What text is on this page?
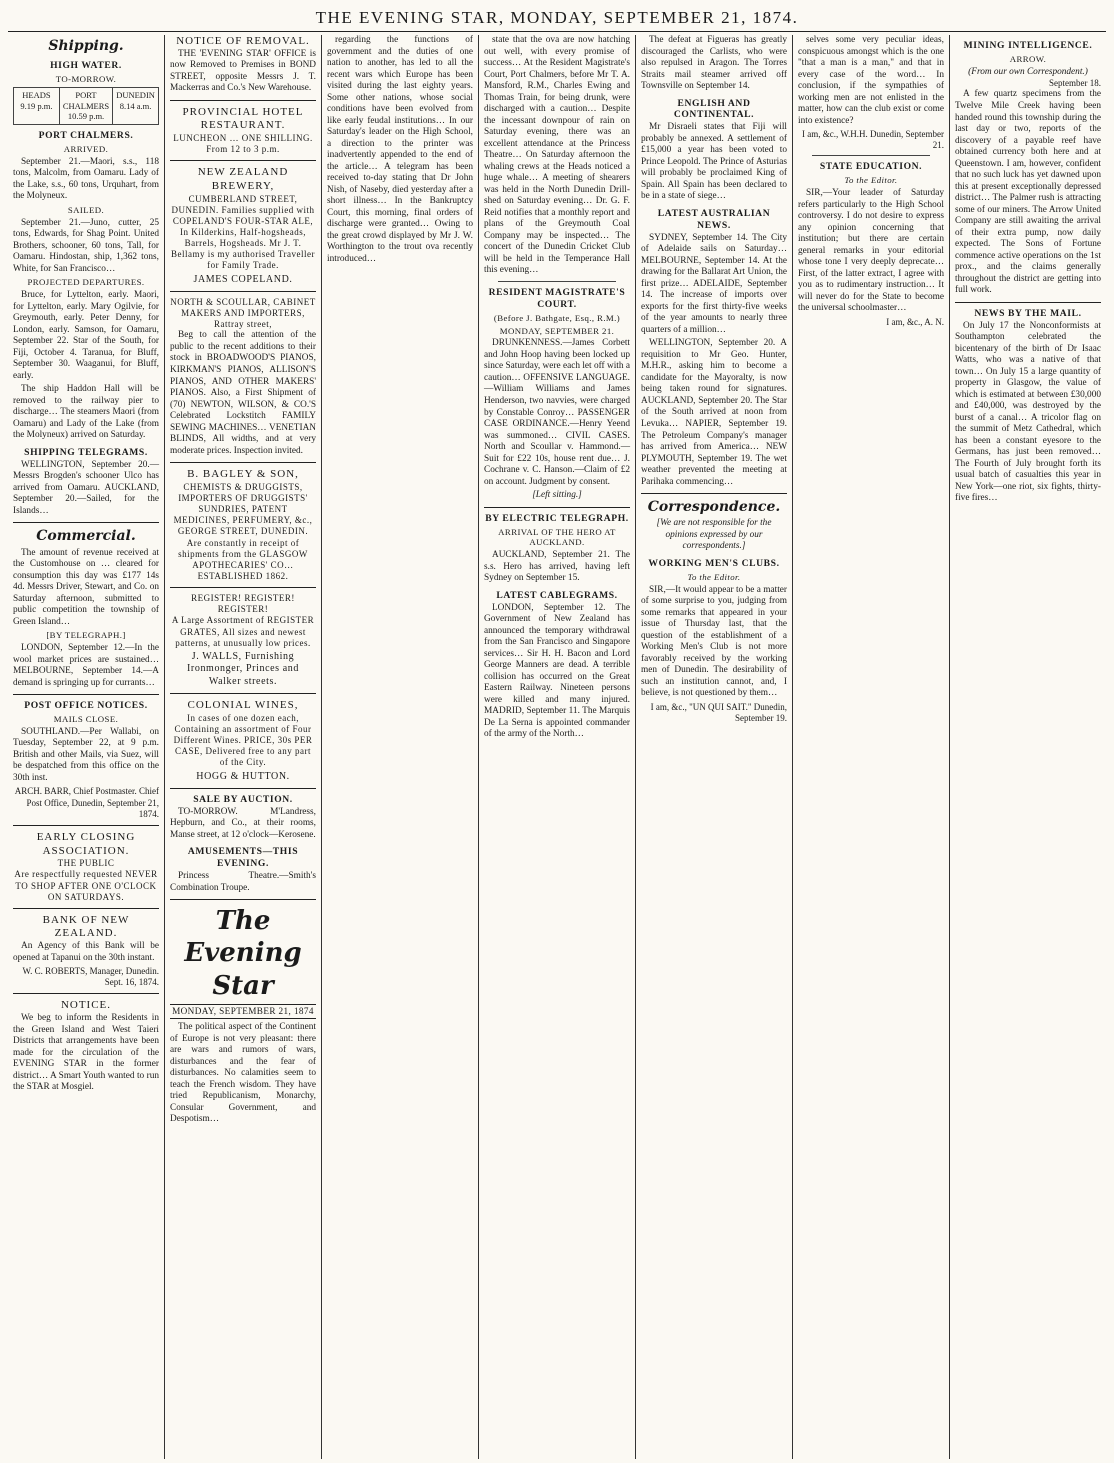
THE EVENING STAR, MONDAY, SEPTEMBER 21, 1874.
Shipping.
HIGH WATER.
TO-MORROW.
HEADS 9.19 p.m.
PORT CHALMERS 10.59 p.m.
DUNEDIN 8.14 a.m.
PORT CHALMERS.
ARRIVED.

September 21.—Maori, s.s., 118 tons, Malcolm, from Oamaru. Lady of the Lake, s.s., 60 tons, Urquhart, from the Molyneux.

SAILED.

September 21.—Juno, cutter, 25 tons, Edwards, for Shag Point. United Brothers, schooner, 60 tons, Tall, for Oamaru. Hindostan, ship, 1,362 tons, White, for San Francisco…

PROJECTED DEPARTURES.

Bruce, for Lyttelton, early. Maori, for Lyttelton, early. Mary Ogilvie, for Greymouth, early. Peter Denny, for London, early. Samson, for Oamaru, September 22. Star of the South, for Fiji, October 4. Taranua, for Bluff, September 30. Waaganui, for Bluff, early.

The ship Haddon Hall will be removed to the railway pier to discharge… The steamers Maori (from Oamaru) and Lady of the Lake (from the Molyneux) arrived on Saturday.

SHIPPING TELEGRAMS.

WELLINGTON, September 20.—Messrs Brogden's schooner Ulco has arrived from Oamaru. AUCKLAND, September 20.—Sailed, for the Islands…

Commercial.

The amount of revenue received at the Customhouse on … cleared for consumption this day was £177 14s 4d. Messrs Driver, Stewart, and Co. on Saturday afternoon, submitted to public competition the township of Green Island…

[BY TELEGRAPH.]

LONDON, September 12.—In the wool market prices are sustained… MELBOURNE, September 14.—A demand is springing up for currants…

POST OFFICE NOTICES.
MAILS CLOSE.

SOUTHLAND.—Per Wallabi, on Tuesday, September 22, at 9 p.m. British and other Mails, via Suez, will be despatched from this office on the 30th inst.

ARCH. BARR, Chief Postmaster. Chief Post Office, Dunedin, September 21, 1874.
EARLY CLOSING ASSOCIATION.
THE PUBLIC
Are respectfully requested NEVER TO SHOP AFTER ONE O'CLOCK ON SATURDAYS.
BANK OF NEW ZEALAND.

An Agency of this Bank will be opened at Tapanui on the 30th instant.

W. C. ROBERTS, Manager, Dunedin. Sept. 16, 1874.
NOTICE.

We beg to inform the Residents in the Green Island and West Taieri Districts that arrangements have been made for the circulation of the EVENING STAR in the former district… A Smart Youth wanted to run the STAR at Mosgiel.

NOTICE OF REMOVAL.

THE 'EVENING STAR' OFFICE is now Removed to Premises in BOND STREET, opposite Messrs J. T. Mackerras and Co.'s New Warehouse.

PROVINCIAL HOTEL RESTAURANT.
LUNCHEON … ONE SHILLING. From 12 to 3 p.m.
NEW ZEALAND BREWERY,
CUMBERLAND STREET, DUNEDIN. Families supplied with COPELAND'S FOUR-STAR ALE, In Kilderkins, Half-hogsheads, Barrels, Hogsheads. Mr J. T. Bellamy is my authorised Traveller for Family Trade.
JAMES COPELAND.
NORTH & SCOULLAR, CABINET MAKERS AND IMPORTERS, Rattray street,

Beg to call the attention of the public to the recent additions to their stock in BROADWOOD'S PIANOS, KIRKMAN'S PIANOS, ALLISON'S PIANOS, AND OTHER MAKERS' PIANOS. Also, a First Shipment of (70) NEWTON, WILSON, & CO.'S Celebrated Lockstitch FAMILY SEWING MACHINES… VENETIAN BLINDS, All widths, and at very moderate prices. Inspection invited.

B. BAGLEY & SON,
CHEMISTS & DRUGGISTS, IMPORTERS OF DRUGGISTS' SUNDRIES, PATENT MEDICINES, PERFUMERY, &c., GEORGE STREET, DUNEDIN. Are constantly in receipt of shipments from the GLASGOW APOTHECARIES' CO… ESTABLISHED 1862.
REGISTER! REGISTER! REGISTER!
A Large Assortment of REGISTER GRATES, All sizes and newest patterns, at unusually low prices.
J. WALLS, Furnishing Ironmonger, Princes and Walker streets.
COLONIAL WINES,
In cases of one dozen each, Containing an assortment of Four Different Wines. PRICE, 30s PER CASE, Delivered free to any part of the City.
HOGG & HUTTON.
SALE BY AUCTION.

TO-MORROW. M'Landress, Hepburn, and Co., at their rooms, Manse street, at 12 o'clock—Kerosene.

AMUSEMENTS—THIS EVENING.

Princess Theatre.—Smith's Combination Troupe.

The Evening Star
MONDAY, SEPTEMBER 21, 1874

The political aspect of the Continent of Europe is not very pleasant: there are wars and rumors of wars, disturbances and the fear of disturbances. No calamities seem to teach the French wisdom. They have tried Republicanism, Monarchy, Consular Government, and Despotism…

regarding the functions of government and the duties of one nation to another, has led to all the recent wars which Europe has been visited during the last eighty years. Some other nations, whose social conditions have been evolved from like early feudal institutions… In our Saturday's leader on the High School, a direction to the printer was inadvertently appended to the end of the article… A telegram has been received to-day stating that Dr John Nish, of Naseby, died yesterday after a short illness… In the Bankruptcy Court, this morning, final orders of discharge were granted… Owing to the great crowd displayed by Mr J. W. Worthington to the trout ova recently introduced…

state that the ova are now hatching out well, with every promise of success… At the Resident Magistrate's Court, Port Chalmers, before Mr T. A. Mansford, R.M., Charles Ewing and Thomas Train, for being drunk, were discharged with a caution… Despite the incessant downpour of rain on Saturday evening, there was an excellent attendance at the Princess Theatre… On Saturday afternoon the whaling crews at the Heads noticed a huge whale… A meeting of shearers was held in the North Dunedin Drill-shed on Saturday evening… Dr. G. F. Reid notifies that a monthly report and plans of the Greymouth Coal Company may be inspected… The concert of the Dunedin Cricket Club will be held in the Temperance Hall this evening…

RESIDENT MAGISTRATE'S COURT.
(Before J. Bathgate, Esq., R.M.)
MONDAY, SEPTEMBER 21.

DRUNKENNESS.—James Corbett and John Hoop having been locked up since Saturday, were each let off with a caution… OFFENSIVE LANGUAGE.—William Williams and James Henderson, two navvies, were charged by Constable Conroy… PASSENGER CASE ORDINANCE.—Henry Yeend was summoned… CIVIL CASES. North and Scoullar v. Hammond.—Suit for £22 10s, house rent due… J. Cochrane v. C. Hanson.—Claim of £2 on account. Judgment by consent.

[Left sitting.]
BY ELECTRIC TELEGRAPH.
ARRIVAL OF THE HERO AT AUCKLAND.

AUCKLAND, September 21. The s.s. Hero has arrived, having left Sydney on September 15.

LATEST CABLEGRAMS.

LONDON, September 12. The Government of New Zealand has announced the temporary withdrawal from the San Francisco and Singapore services… Sir H. H. Bacon and Lord George Manners are dead. A terrible collision has occurred on the Great Eastern Railway. Nineteen persons were killed and many injured. MADRID, September 11. The Marquis De La Serna is appointed commander of the army of the North…

The defeat at Figueras has greatly discouraged the Carlists, who were also repulsed in Aragon. The Torres Straits mail steamer arrived off Townsville on September 14.

ENGLISH AND CONTINENTAL.

Mr Disraeli states that Fiji will probably be annexed. A settlement of £15,000 a year has been voted to Prince Leopold. The Prince of Asturias will probably be proclaimed King of Spain. All Spain has been declared to be in a state of siege…

LATEST AUSTRALIAN NEWS.

SYDNEY, September 14. The City of Adelaide sails on Saturday… MELBOURNE, September 14. At the drawing for the Ballarat Art Union, the first prize… ADELAIDE, September 14. The increase of imports over exports for the first thirty-five weeks of the year amounts to nearly three quarters of a million…

WELLINGTON, September 20. A requisition to Mr Geo. Hunter, M.H.R., asking him to become a candidate for the Mayoralty, is now being taken round for signatures. AUCKLAND, September 20. The Star of the South arrived at noon from Levuka… NAPIER, September 19. The Petroleum Company's manager has arrived from America… NEW PLYMOUTH, September 19. The wet weather prevented the meeting at Parihaka commencing…

Correspondence.
[We are not responsible for the opinions expressed by our correspondents.]
WORKING MEN'S CLUBS.
To the Editor.

SIR,—It would appear to be a matter of some surprise to you, judging from some remarks that appeared in your issue of Thursday last, that the question of the establishment of a Working Men's Club is not more favorably received by the working men of Dunedin. The desirability of such an institution cannot, and, I believe, is not questioned by them…

I am, &c., "UN QUI SAIT." Dunedin, September 19.

selves some very peculiar ideas, conspicuous amongst which is the one "that a man is a man," and that in every case of the word… In conclusion, if the sympathies of working men are not enlisted in the matter, how can the club exist or come into existence?

I am, &c., W.H.H. Dunedin, September 21.
STATE EDUCATION.
To the Editor.

SIR,—Your leader of Saturday refers particularly to the High School controversy. I do not desire to express any opinion concerning that institution; but there are certain general remarks in your editorial whose tone I very deeply deprecate… First, of the latter extract, I agree with you as to rudimentary instruction… It will never do for the State to become the universal schoolmaster…

I am, &c., A. N.
MINING INTELLIGENCE.
ARROW.
(From our own Correspondent.)
September 18.

A few quartz specimens from the Twelve Mile Creek having been handed round this township during the last day or two, reports of the discovery of a payable reef have obtained currency both here and at Queenstown. I am, however, confident that no such luck has yet dawned upon this at present exceptionally depressed district… The Palmer rush is attracting some of our miners. The Arrow United Company are still awaiting the arrival of their extra pump, now daily expected. The Sons of Fortune commence active operations on the 1st prox., and the claims generally throughout the district are getting into full work.

NEWS BY THE MAIL.

On July 17 the Nonconformists at Southampton celebrated the bicentenary of the birth of Dr Isaac Watts, who was a native of that town… On July 15 a large quantity of property in Glasgow, the value of which is estimated at between £30,000 and £40,000, was destroyed by the burst of a canal… A tricolor flag on the summit of Metz Cathedral, which has been a constant eyesore to the Germans, has just been removed… The Fourth of July brought forth its usual batch of casualties this year in New York—one riot, six fights, thirty-five fires…
